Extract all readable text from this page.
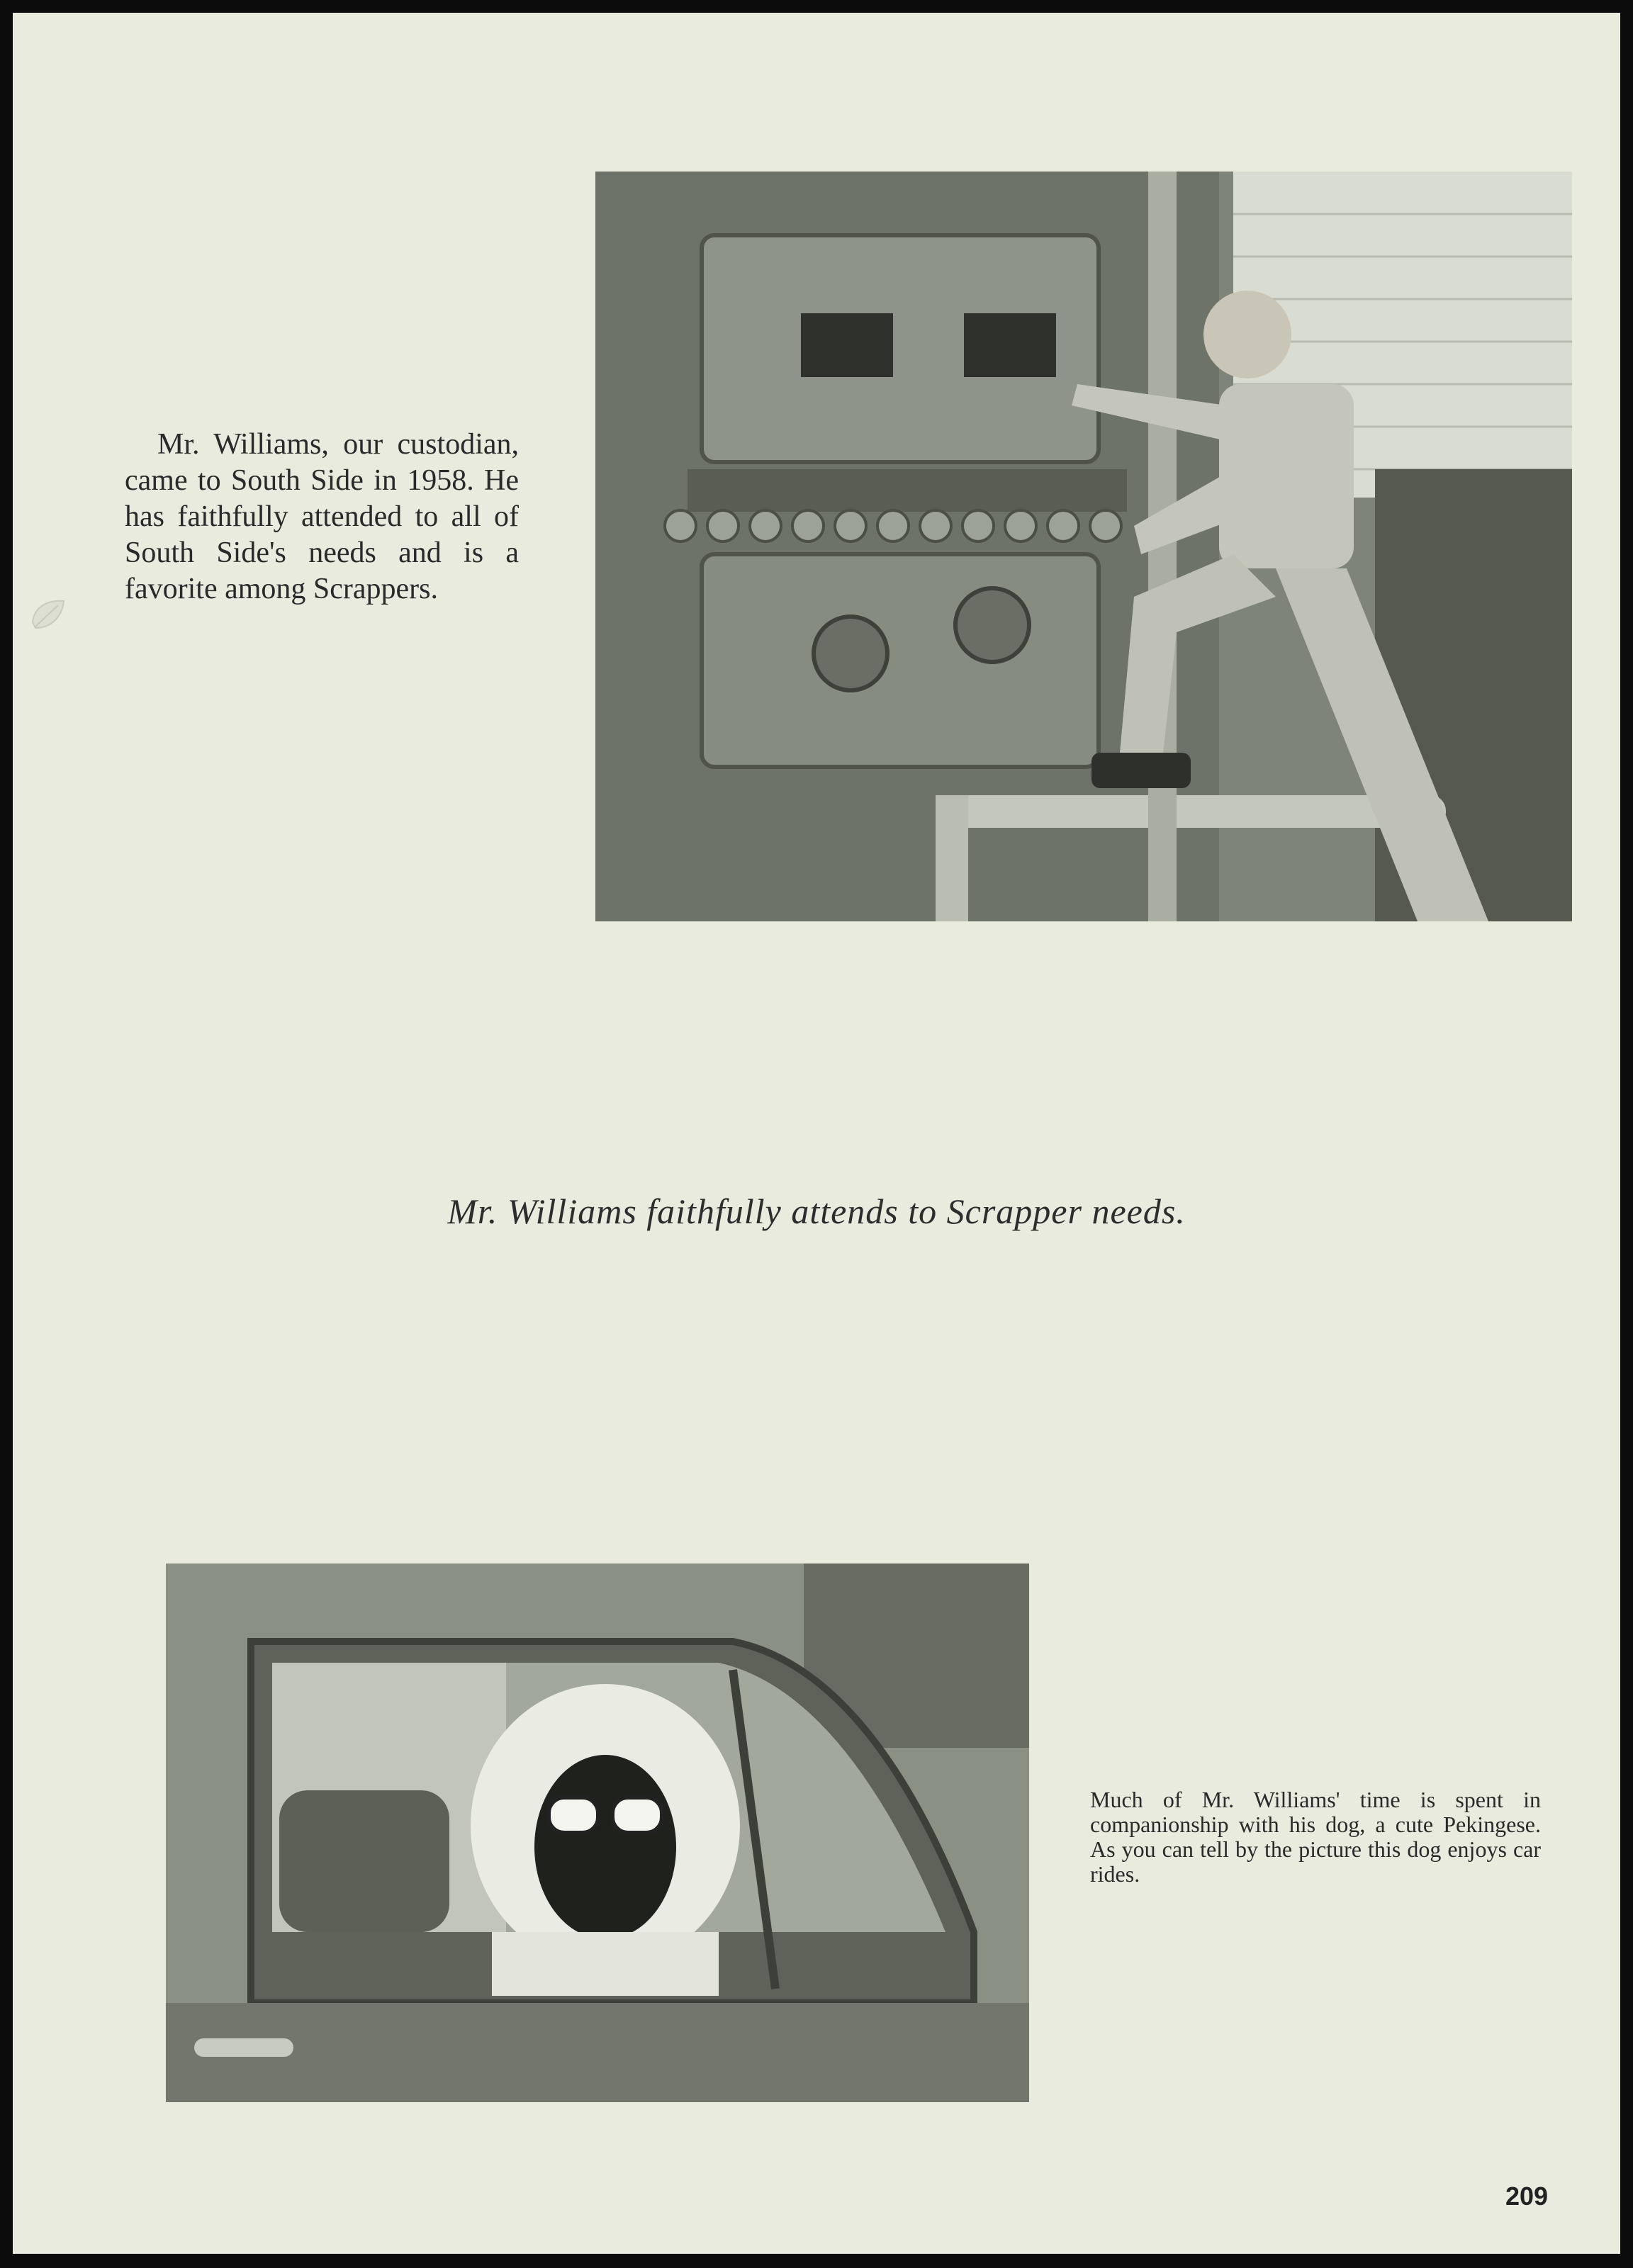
Mr. Williams, our custodian, came to South Side in 1958. He has faithfully attended to all of South Side's needs and is a favorite among Scrappers.

Mr. Williams faithfully attends to Scrapper needs.

Much of Mr. Williams' time is spent in companionship with his dog, a cute Pekingese. As you can tell by the picture this dog enjoys car rides.

209
